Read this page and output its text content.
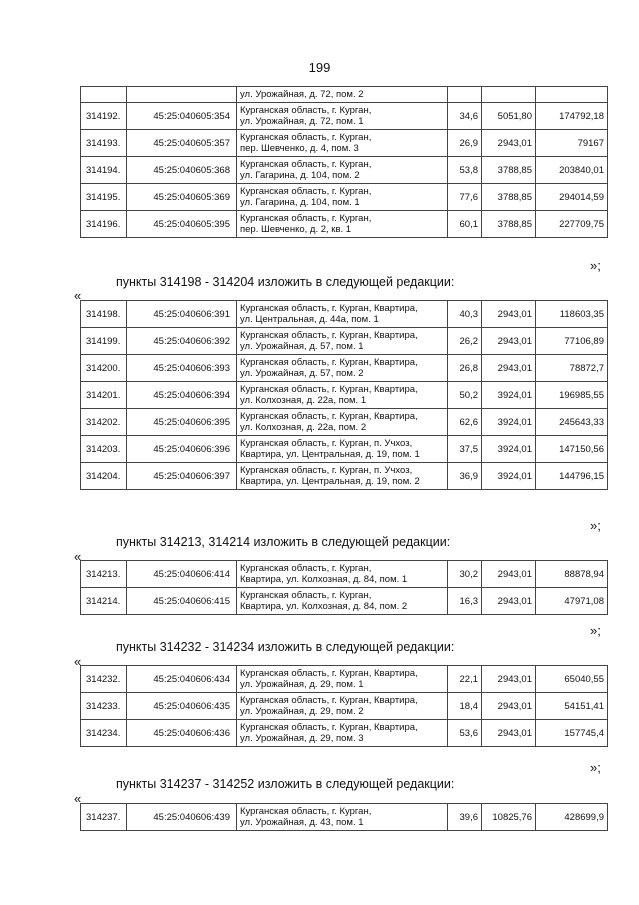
199

		ул. Урожайная, д. 72, пом. 2			

314192.	45:25:040605:354	Курганская область, г. Курган,
ул. Урожайная, д. 72, пом. 1	34,6	5051,80	174792,18
314193.	45:25:040605:357	Курганская область, г. Курган,
пер. Шевченко, д. 4, пом. 3	26,9	2943,01	79167
314194.	45:25:040605:368	Курганская область, г. Курган,
ул. Гагарина, д. 104, пом. 2	53,8	3788,85	203840,01
314195.	45:25:040605:369	Курганская область, г. Курган,
ул. Гагарина, д. 104, пом. 1	77,6	3788,85	294014,59
314196.	45:25:040605:395	Курганская область, г. Курган,
пер. Шевченко, д. 2, кв. 1	60,1	3788,85	227709,75
»;
пункты 314198 - 314204 изложить в следующей редакции:
«
314198.	45:25:040606:391	Курганская область, г. Курган, Квартира,
ул. Центральная, д. 44а, пом. 1	40,3	2943,01	118603,35
314199.	45:25:040606:392	Курганская область, г. Курган, Квартира,
ул. Урожайная, д. 57, пом. 1	26,2	2943,01	77106,89
314200.	45:25:040606:393	Курганская область, г. Курган, Квартира,
ул. Урожайная, д. 57, пом. 2	26,8	2943,01	78872,7
314201.	45:25:040606:394	Курганская область, г. Курган, Квартира,
ул. Колхозная, д. 22а, пом. 1	50,2	3924,01	196985,55
314202.	45:25:040606:395	Курганская область, г. Курган, Квартира,
ул. Колхозная, д. 22а, пом. 2	62,6	3924,01	245643,33
314203.	45:25:040606:396	Курганская область, г. Курган, п. Учхоз,
Квартира, ул. Центральная, д. 19, пом. 1	37,5	3924,01	147150,56
314204.	45:25:040606:397	Курганская область, г. Курган, п. Учхоз,
Квартира, ул. Центральная, д. 19, пом. 2	36,9	3924,01	144796,15
»;
пункты 314213, 314214 изложить в следующей редакции:
«
314213.	45:25:040606:414	Курганская область, г. Курган,
Квартира, ул. Колхозная, д. 84, пом. 1	30,2	2943,01	88878,94
314214.	45:25:040606:415	Курганская область, г. Курган,
Квартира, ул. Колхозная, д. 84, пом. 2	16,3	2943,01	47971,08
»;
пункты 314232 - 314234 изложить в следующей редакции:
«
314232.	45:25:040606:434	Курганская область, г. Курган, Квартира,
ул. Урожайная, д. 29, пом. 1	22,1	2943,01	65040,55
314233.	45:25:040606:435	Курганская область, г. Курган, Квартира,
ул. Урожайная, д. 29, пом. 2	18,4	2943,01	54151,41
314234.	45:25:040606:436	Курганская область, г. Курган, Квартира,
ул. Урожайная, д. 29, пом. 3	53,6	2943,01	157745,4
»;
пункты 314237 - 314252 изложить в следующей редакции:
«
314237.	45:25:040606:439	Курганская область, г. Курган,
ул. Урожайная, д. 43, пом. 1	39,6	10825,76	428699,9
